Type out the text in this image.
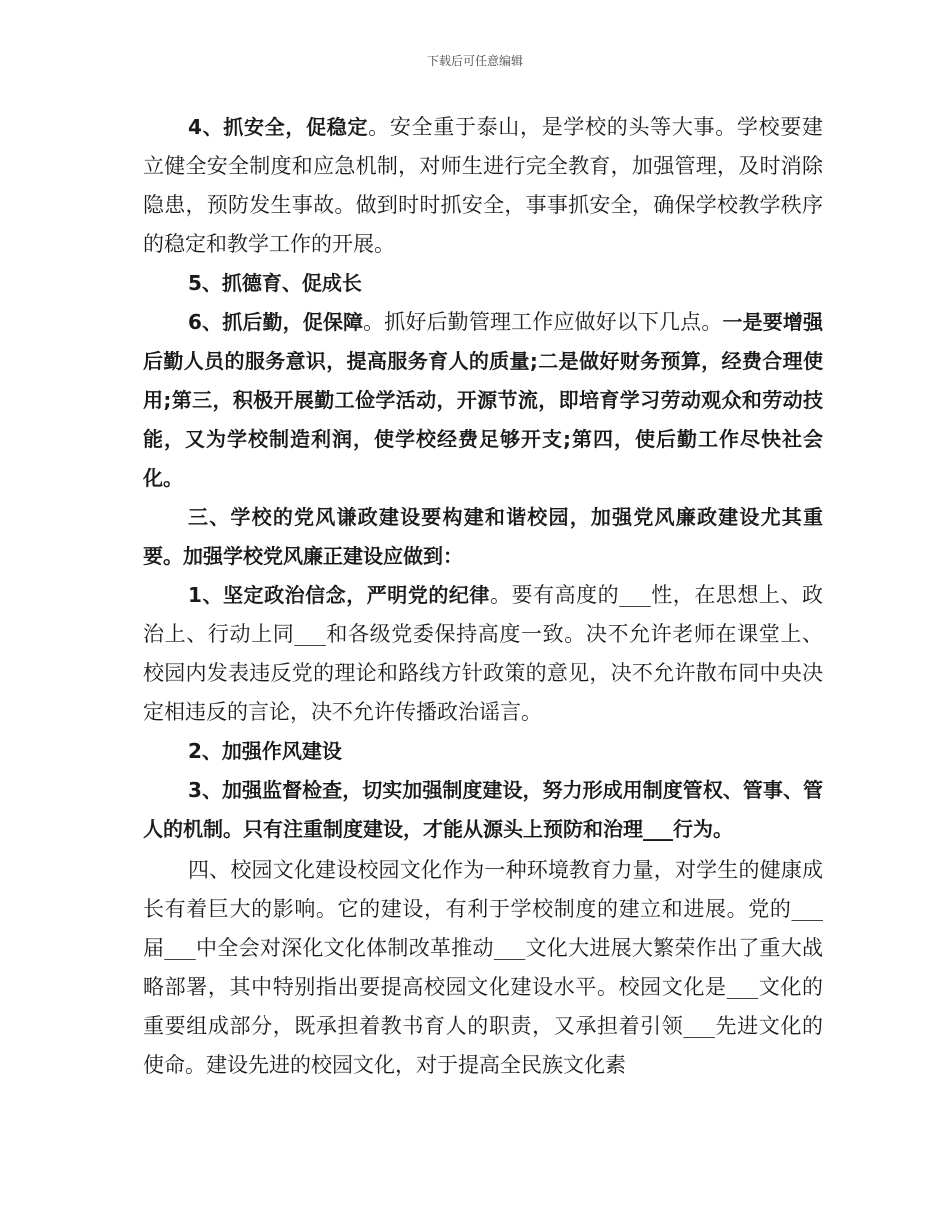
下载后可任意编辑

4、抓安全，促稳定。安全重于泰山，是学校的头等大事。学校要建立健全安全制度和应急机制，对师生进行完全教育，加强管理，及时消除隐患，预防发生事故。做到时时抓安全，事事抓安全，确保学校教学秩序的稳定和教学工作的开展。

5、抓德育、促成长

6、抓后勤，促保障。抓好后勤管理工作应做好以下几点。一是要增强后勤人员的服务意识，提高服务育人的质量;二是做好财务预算，经费合理使用;第三，积极开展勤工俭学活动，开源节流，即培育学习劳动观众和劳动技能，又为学校制造利润，使学校经费足够开支;第四，使后勤工作尽快社会化。

三、学校的党风谦政建设要构建和谐校园，加强党风廉政建设尤其重要。加强学校党风廉正建设应做到：

1、坚定政治信念，严明党的纪律。要有高度的___性，在思想上、政治上、行动上同___和各级党委保持高度一致。决不允许老师在课堂上、校园内发表违反党的理论和路线方针政策的意见，决不允许散布同中央决定相违反的言论，决不允许传播政治谣言。

2、加强作风建设

3、加强监督检查，切实加强制度建设，努力形成用制度管权、管事、管人的机制。只有注重制度建设，才能从源头上预防和治理___行为。

四、校园文化建设校园文化作为一种环境教育力量，对学生的健康成长有着巨大的影响。它的建设，有利于学校制度的建立和进展。党的___届___中全会对深化文化体制改革推动___文化大进展大繁荣作出了重大战略部署，其中特别指出要提高校园文化建设水平。校园文化是___文化的重要组成部分，既承担着教书育人的职责，又承担着引领___先进文化的使命。建设先进的校园文化，对于提高全民族文化素
